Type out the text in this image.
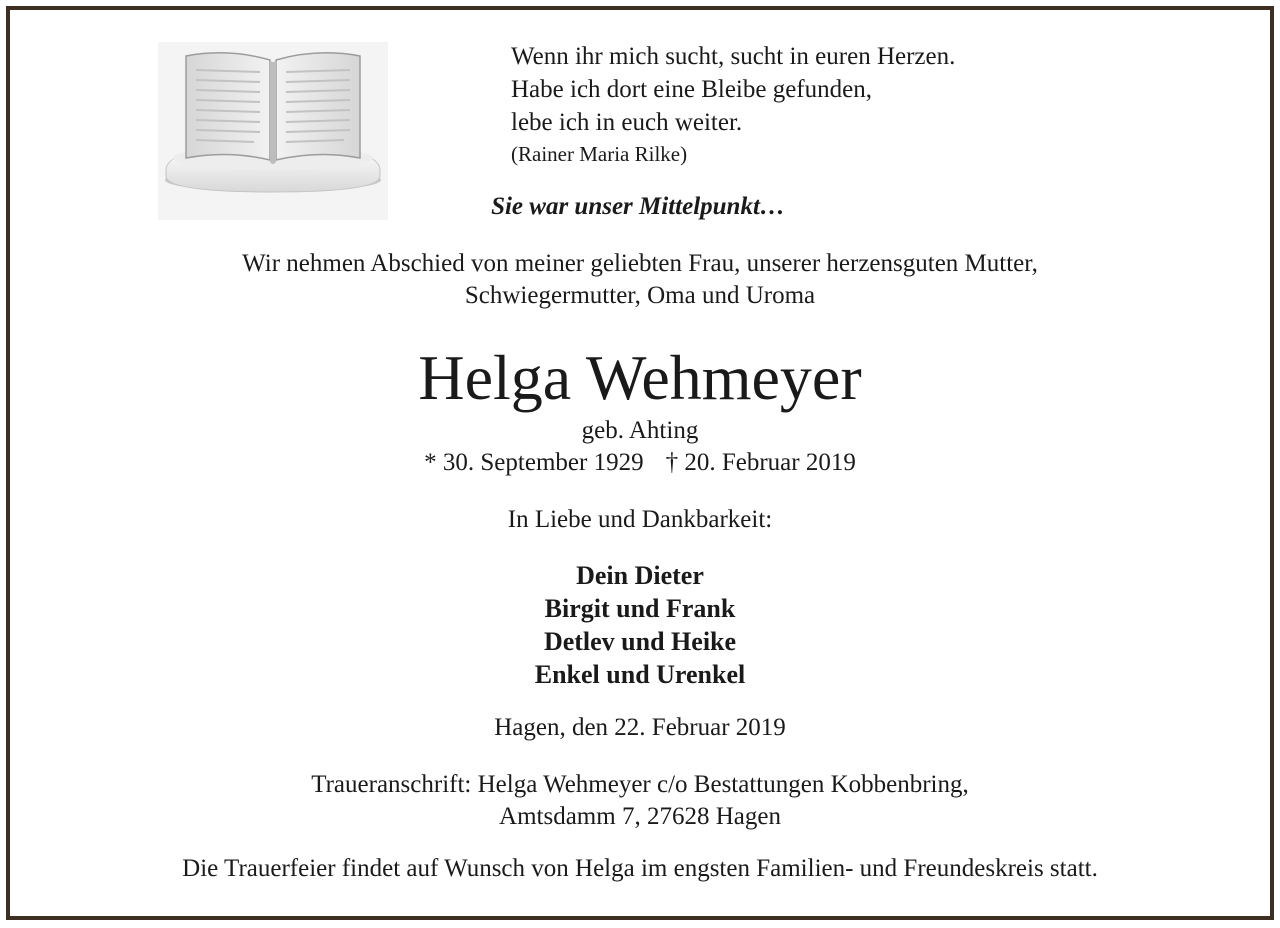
Wenn ihr mich sucht, sucht in euren Herzen.
Habe ich dort eine Bleibe gefunden,
lebe ich in euch weiter.
(Rainer Maria Rilke)
Sie war unser Mittelpunkt…
Wir nehmen Abschied von meiner geliebten Frau, unserer herzensguten Mutter,
Schwiegermutter, Oma und Uroma
Helga Wehmeyer
geb. Ahting
* 30. September 1929 † 20. Februar 2019
In Liebe und Dankbarkeit:
Dein Dieter
Birgit und Frank
Detlev und Heike
Enkel und Urenkel
Hagen, den 22. Februar 2019
Traueranschrift: Helga Wehmeyer c/o Bestattungen Kobbenbring,
Amtsdamm 7, 27628 Hagen
Die Trauerfeier findet auf Wunsch von Helga im engsten Familien- und Freundeskreis statt.
